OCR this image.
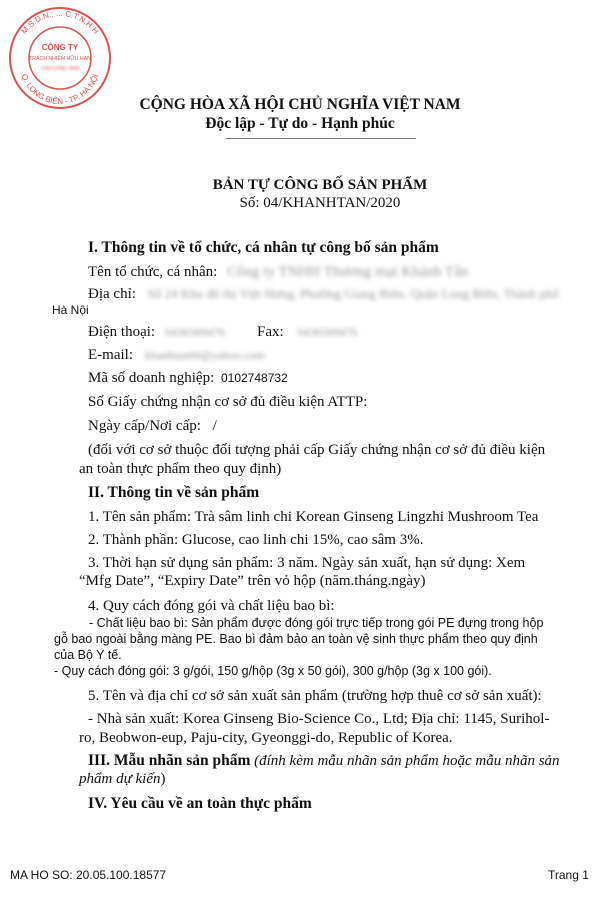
M.S.D.N.: ... C.T.N.H.H
Q. LONG BIÊN - TP. HÀ NỘI
CÔNG TY
TRÁCH NHIỆM HỮU HẠN
THƯƠNG MẠI
CỘNG HÒA XÃ HỘI CHỦ NGHĨA VIỆT NAM
Độc lập - Tự do - Hạnh phúc
BẢN TỰ CÔNG BỐ SẢN PHẨM
Số: 04/KHANHTAN/2020
I. Thông tin về tổ chức, cá nhân tự công bố sản phẩm
Tên tổ chức, cá nhân: Công ty TNHH Thương mại Khánh Tân
Địa chỉ: Số 24 Khu đô thị Việt Hưng, Phường Giang Biên, Quận Long Biên, Thành phố
Hà Nội
Điện thoại: 0436569476 Fax: 0436569476
E-mail: khanhtan00@yahoo.com
Mã số doanh nghiệp: 0102748732
Số Giấy chứng nhận cơ sở đủ điều kiện ATTP:
Ngày cấp/Nơi cấp: /
(đối với cơ sở thuộc đối tượng phải cấp Giấy chứng nhận cơ sở đủ điều kiện
an toàn thực phẩm theo quy định)
II. Thông tin về sản phẩm
1. Tên sản phẩm: Trà sâm linh chi Korean Ginseng Lingzhi Mushroom Tea
2. Thành phần: Glucose, cao linh chi 15%, cao sâm 3%.
3. Thời hạn sử dụng sản phẩm: 3 năm. Ngày sản xuất, hạn sử dụng: Xem
“Mfg Date”, “Expiry Date” trên vỏ hộp (năm.tháng.ngày)
4. Quy cách đóng gói và chất liệu bao bì:
- Chất liệu bao bì: Sản phẩm được đóng gói trực tiếp trong gói PE đựng trong hộp
gỗ bao ngoài bằng màng PE. Bao bì đảm bảo an toàn vệ sinh thực phẩm theo quy định
của Bộ Y tế.
- Quy cách đóng gói: 3 g/gói, 150 g/hộp (3g x 50 gói), 300 g/hộp (3g x 100 gói).
5. Tên và địa chỉ cơ sở sản xuất sản phẩm (trường hợp thuê cơ sở sản xuất):
- Nhà sản xuất: Korea Ginseng Bio-Science Co., Ltd; Địa chỉ: 1145, Surihol-
ro, Beobwon-eup, Paju-city, Gyeonggi-do, Republic of Korea.
III. Mẫu nhãn sản phẩm (đính kèm mẫu nhãn sản phẩm hoặc mẫu nhãn sản
phẩm dự kiến)
IV. Yêu cầu về an toàn thực phẩm
MA HO SO: 20.05.100.18577	Trang 1
